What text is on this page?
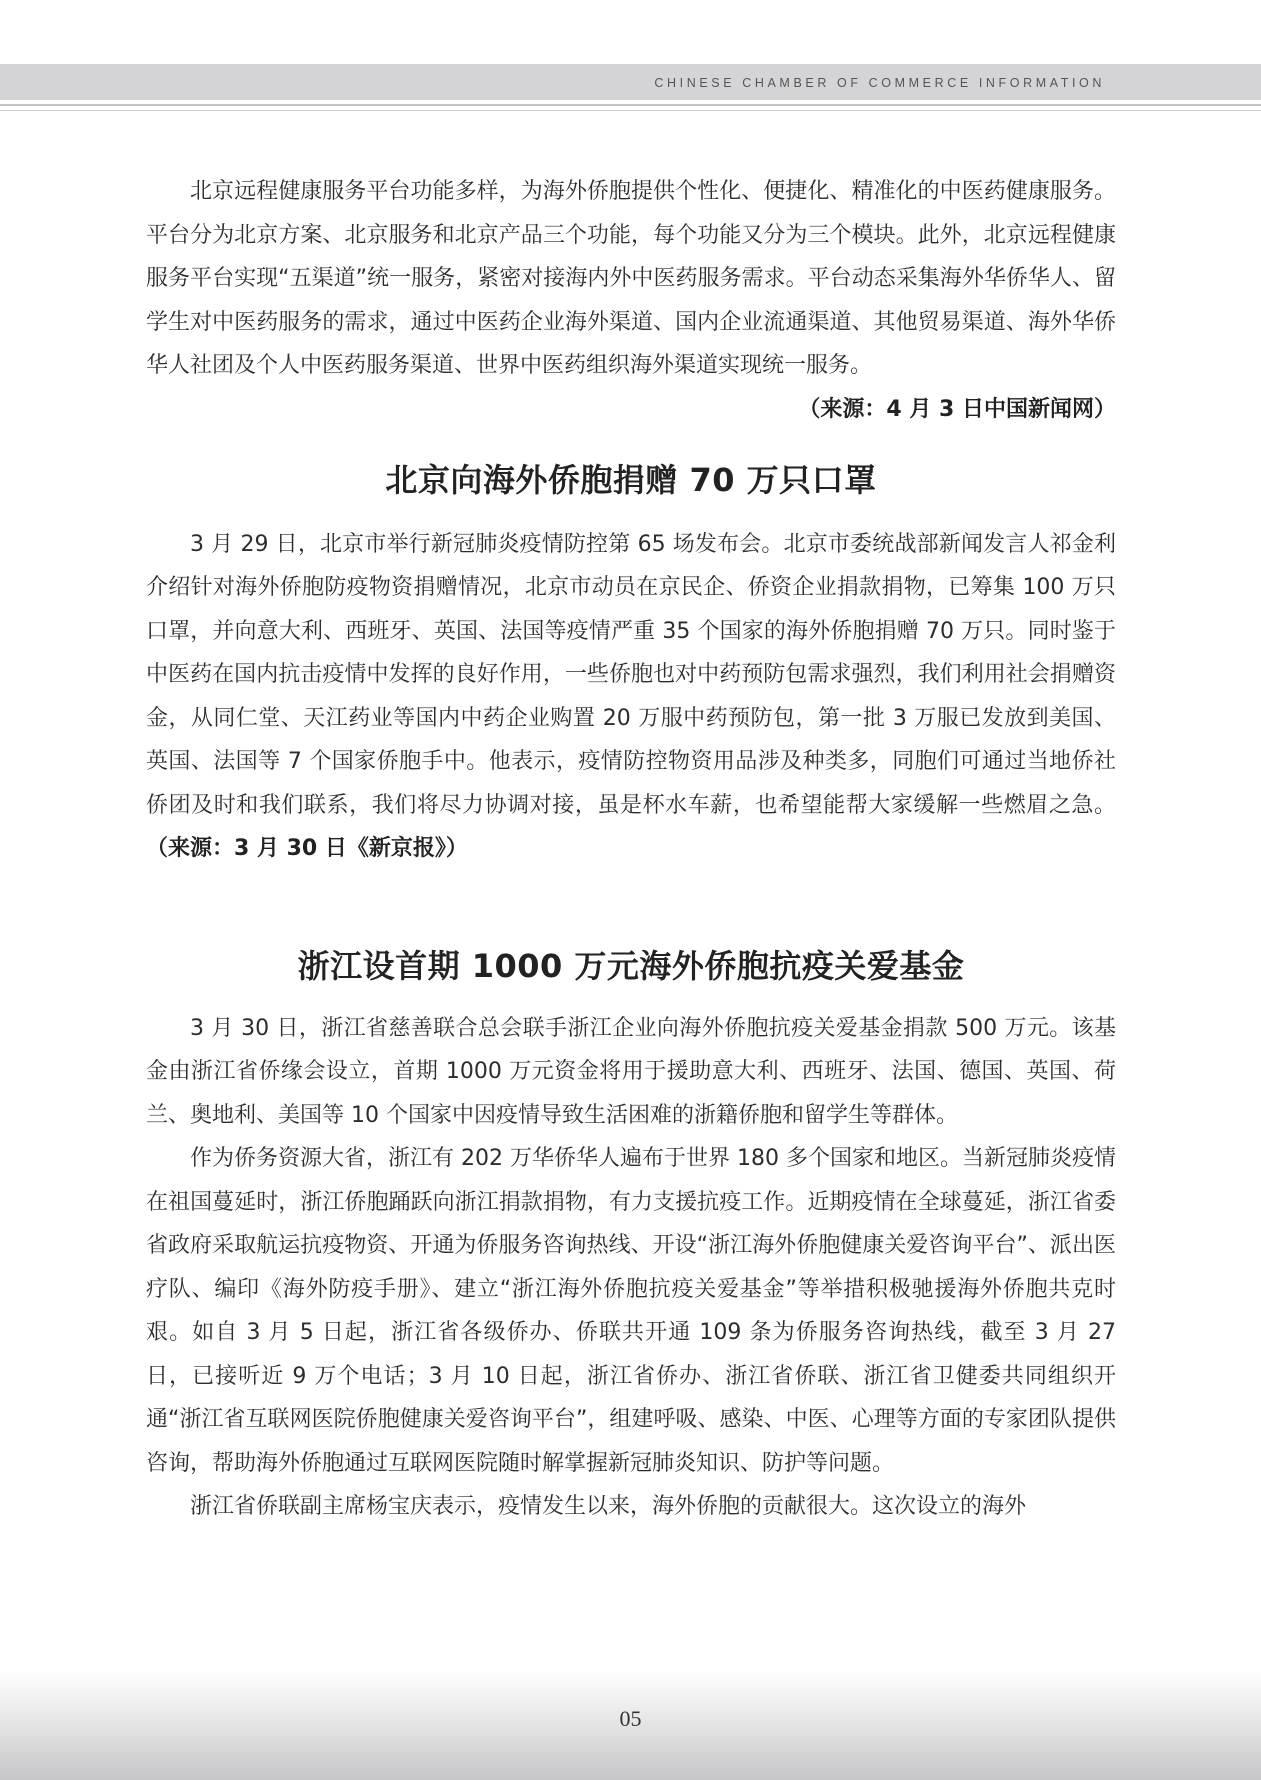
CHINESE CHAMBER OF COMMERCE INFORMATION

北京远程健康服务平台功能多样，为海外侨胞提供个性化、便捷化、精准化的中医药健康服务。平台分为北京方案、北京服务和北京产品三个功能，每个功能又分为三个模块。此外，北京远程健康服务平台实现“五渠道”统一服务，紧密对接海内外中医药服务需求。平台动态采集海外华侨华人、留学生对中医药服务的需求，通过中医药企业海外渠道、国内企业流通渠道、其他贸易渠道、海外华侨华人社团及个人中医药服务渠道、世界中医药组织海外渠道实现统一服务。
（来源：4 月 3 日中国新闻网）

北京向海外侨胞捐赠 70 万只口罩

3 月 29 日，北京市举行新冠肺炎疫情防控第 65 场发布会。北京市委统战部新闻发言人祁金利介绍针对海外侨胞防疫物资捐赠情况，北京市动员在京民企、侨资企业捐款捐物，已筹集 100 万只口罩，并向意大利、西班牙、英国、法国等疫情严重 35 个国家的海外侨胞捐赠 70 万只。同时鉴于中医药在国内抗击疫情中发挥的良好作用，一些侨胞也对中药预防包需求强烈，我们利用社会捐赠资金，从同仁堂、天江药业等国内中药企业购置 20 万服中药预防包，第一批 3 万服已发放到美国、英国、法国等 7 个国家侨胞手中。他表示，疫情防控物资用品涉及种类多，同胞们可通过当地侨社侨团及时和我们联系，我们将尽力协调对接，虽是杯水车薪，也希望能帮大家缓解一些燃眉之急。（来源：3 月 30 日《新京报》）

浙江设首期 1000 万元海外侨胞抗疫关爱基金

3 月 30 日，浙江省慈善联合总会联手浙江企业向海外侨胞抗疫关爱基金捐款 500 万元。该基金由浙江省侨缘会设立，首期 1000 万元资金将用于援助意大利、西班牙、法国、德国、英国、荷兰、奥地利、美国等 10 个国家中因疫情导致生活困难的浙籍侨胞和留学生等群体。

作为侨务资源大省，浙江有 202 万华侨华人遍布于世界 180 多个国家和地区。当新冠肺炎疫情在祖国蔓延时，浙江侨胞踊跃向浙江捐款捐物，有力支援抗疫工作。近期疫情在全球蔓延，浙江省委省政府采取航运抗疫物资、开通为侨服务咨询热线、开设“浙江海外侨胞健康关爱咨询平台”、派出医疗队、编印《海外防疫手册》、建立“浙江海外侨胞抗疫关爱基金”等举措积极驰援海外侨胞共克时艰。如自 3 月 5 日起，浙江省各级侨办、侨联共开通 109 条为侨服务咨询热线，截至 3 月 27 日，已接听近 9 万个电话；3 月 10 日起，浙江省侨办、浙江省侨联、浙江省卫健委共同组织开通“浙江省互联网医院侨胞健康关爱咨询平台”，组建呼吸、感染、中医、心理等方面的专家团队提供咨询，帮助海外侨胞通过互联网医院随时解掌握新冠肺炎知识、防护等问题。

浙江省侨联副主席杨宝庆表示，疫情发生以来，海外侨胞的贡献很大。这次设立的海外

05
